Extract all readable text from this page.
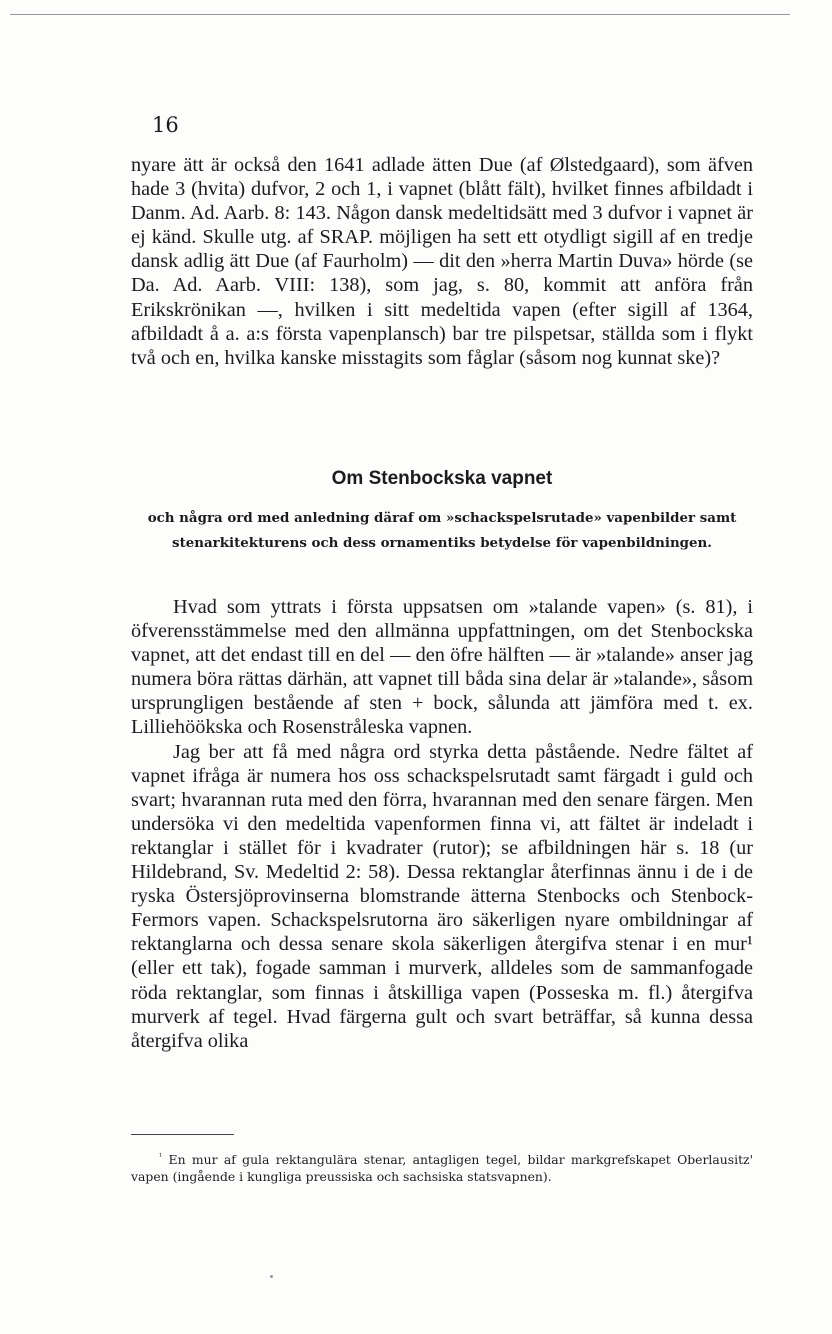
16

nyare ätt är också den 1641 adlade ätten Due (af Ølstedgaard), som äfven hade 3 (hvita) dufvor, 2 och 1, i vapnet (blått fält), hvilket finnes afbildadt i Danm. Ad. Aarb. 8: 143. Någon dansk medeltidsätt med 3 dufvor i vapnet är ej känd. Skulle utg. af SRAP. möjligen ha sett ett otydligt sigill af en tredje dansk adlig ätt Due (af Faurholm) — dit den »herra Martin Duva» hörde (se Da. Ad. Aarb. VIII: 138), som jag, s. 80, kommit att anföra från Erikskrönikan —, hvilken i sitt medeltida vapen (efter sigill af 1364, afbildadt å a. a:s första vapenplansch) bar tre pilspetsar, ställda som i flykt två och en, hvilka kanske misstagits som fåglar (såsom nog kunnat ske)?

Om Stenbockska vapnet
och några ord med anledning däraf om »schackspelsrutade» vapenbilder samt stenarkitekturens och dess ornamentiks betydelse för vapenbildningen.

Hvad som yttrats i första uppsatsen om »talande vapen» (s. 81), i öfverensstämmelse med den allmänna uppfattningen, om det Stenbockska vapnet, att det endast till en del — den öfre hälften — är »talande» anser jag numera böra rättas därhän, att vapnet till båda sina delar är »talande», såsom ursprungligen bestående af sten + bock, sålunda att jämföra med t. ex. Lilliehöökska och Rosenstråleska vapnen.

Jag ber att få med några ord styrka detta påstående. Nedre fältet af vapnet ifråga är numera hos oss schackspelsrutadt samt färgadt i guld och svart; hvarannan ruta med den förra, hvarannan med den senare färgen. Men undersöka vi den medeltida vapenformen finna vi, att fältet är indeladt i rektanglar i stället för i kvadrater (rutor); se afbildningen här s. 18 (ur Hildebrand, Sv. Medeltid 2: 58). Dessa rektanglar återfinnas ännu i de i de ryska Östersjöprovinserna blomstrande ätterna Stenbocks och Stenbock-Fermors vapen. Schackspelsrutorna äro säkerligen nyare ombildningar af rektanglarna och dessa senare skola säkerligen återgifva stenar i en mur¹ (eller ett tak), fogade samman i murverk, alldeles som de sammanfogade röda rektanglar, som finnas i åtskilliga vapen (Posseska m. fl.) återgifva murverk af tegel. Hvad färgerna gult och svart beträffar, så kunna dessa återgifva olika

$^{^1}$ En mur af gula rektangulära stenar, antagligen tegel, bildar markgrefskapet Oberlausitz' vapen (ingående i kungliga preussiska och sachsiska statsvapnen).
